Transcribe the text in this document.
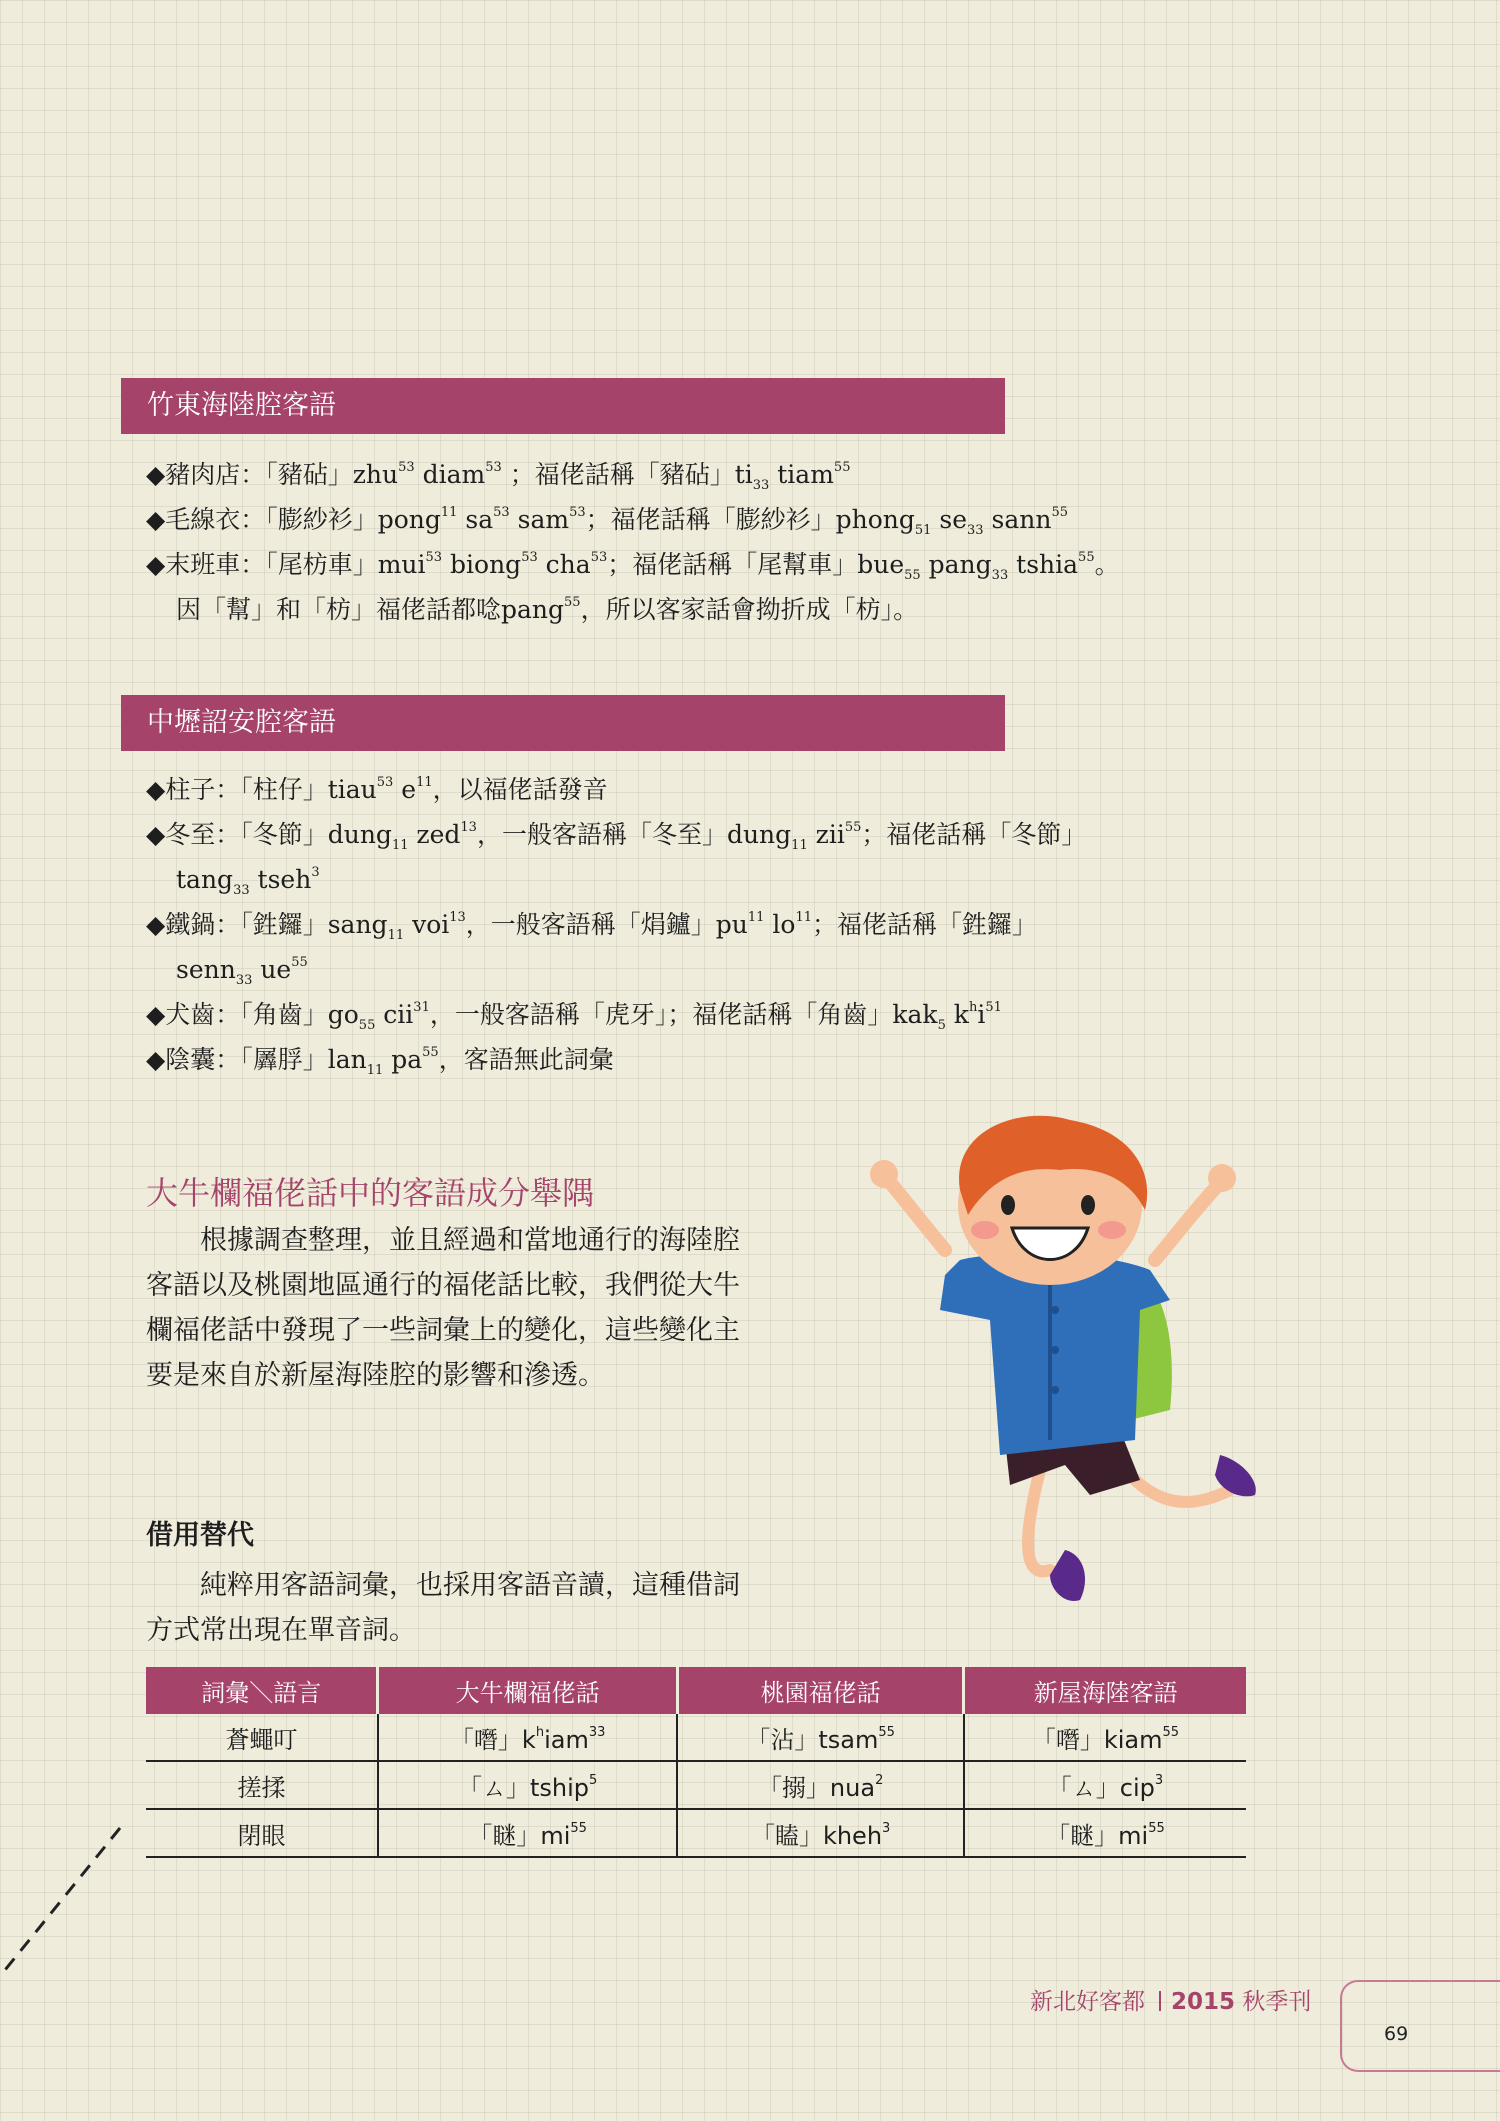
竹東海陸腔客語
◆豬肉店：「豬砧」zhu$^{53}$ diam$^{53}$ ；福佬話稱「豬砧」$ti_{33}$ tiam$^{55}$
◆毛線衣：「膨紗衫」pong$^{11}$ $sa^{53}$ sam$^{53}$；福佬話稱「膨紗衫」phong$_{51}$ $se_{33}$ sann$^{55}$
◆末班車：「尾枋車」mui$^{53}$ biong$^{53}$ cha$^{53}$；福佬話稱「尾幫車」bue$_{55}$ pang$_{33}$ tshia$^{55}$。
因「幫」和「枋」福佬話都唸pang$^{55}$，所以客家話會拗折成「枋」。
中壢詔安腔客語
◆柱子：「柱仔」tiau$^{53}$ $e^{11}$，以福佬話發音
◆冬至：「冬節」dung$_{11}$ zed$^{13}$，一般客語稱「冬至」dung$_{11}$ zii$^{55}$；福佬話稱「冬節」
tang$_{33}$ tseh$^3$
◆鐵鍋：「鉎鑼」sang$_{11}$ voi$^{13}$，一般客語稱「焆鑪」$pu^{11}$ $lo^{11}$；福佬話稱「鉎鑼」
senn$_{33}$ $ue^{55}$
◆犬齒：「角齒」$go_{55}$ cii$^{31}$，一般客語稱「虎牙」；福佬話稱「角齒」kak$_5$ $k^hi^{51}$
◆陰囊：「羼脬」lan$_{11}$ $pa^{55}$，客語無此詞彙
大牛欄福佬話中的客語成分舉隅

　　根據調查整理，並且經過和當地通行的海陸腔

客語以及桃園地區通行的福佬話比較，我們從大牛

欄福佬話中發現了一些詞彙上的變化，這些變化主

要是來自於新屋海陸腔的影響和滲透。

借用替代

　　純粹用客語詞彙，也採用客語音讀，這種借詞

方式常出現在單音詞。

詞彙＼語言	大牛欄福佬話	桃園福佬話	新屋海陸客語
蒼蠅叮	「噆」$k^hiam^{33}$	「沾」tsam$^{55}$	「噆」kiam$^{55}$
搓揉	「ㄙ」tship$^5$	「搦」nua$^2$	「ㄙ」cip$^3$
閉眼	「瞇」$mi^{55}$	「瞌」kheh$^3$	「瞇」$mi^{55}$
新北好客都 2015 秋季刊
69
